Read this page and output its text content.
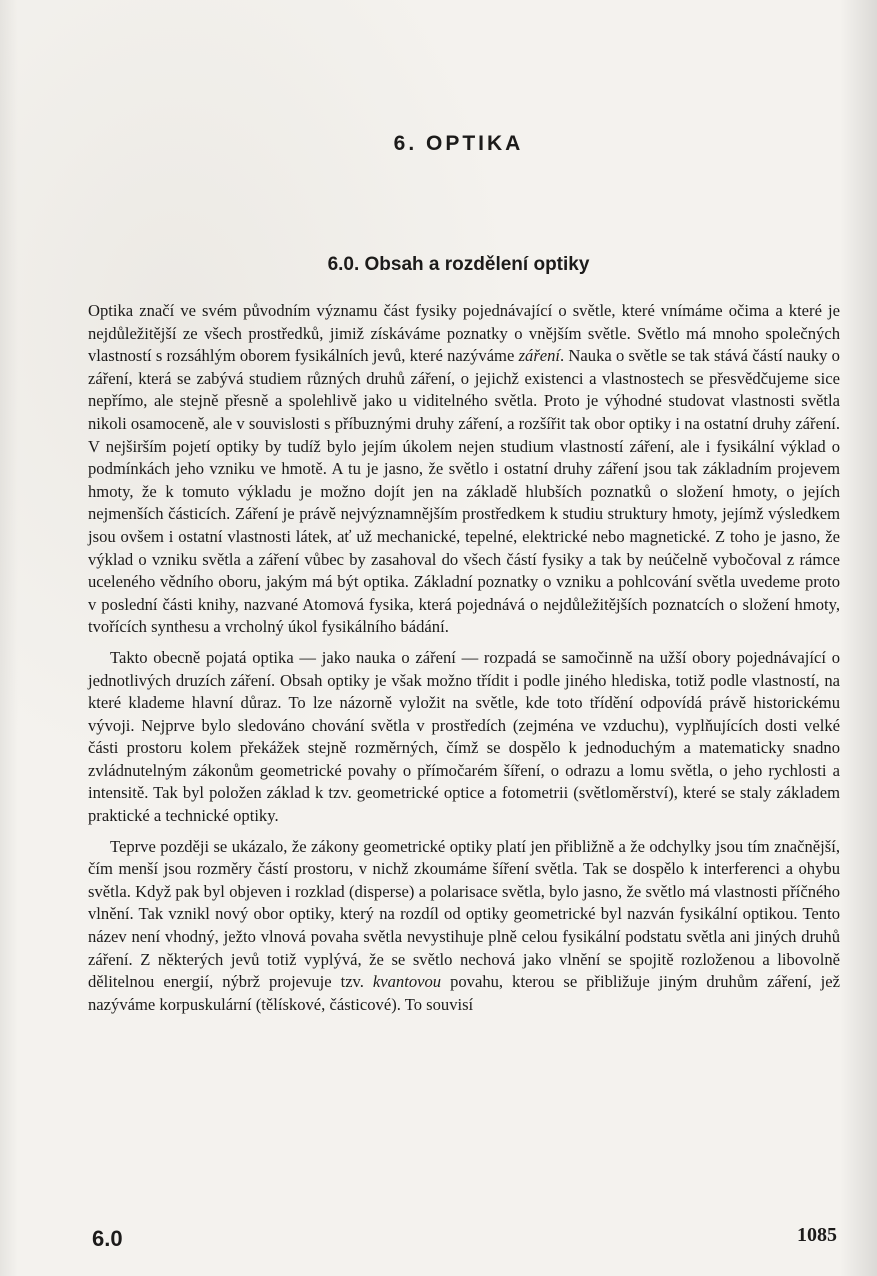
6. OPTIKA
6.0. Obsah a rozdělení optiky

Optika značí ve svém původním významu část fysiky pojednávající o světle, které vnímáme očima a které je nejdůležitější ze všech prostředků, jimiž získáváme poznatky o vnějším světle. Světlo má mnoho společných vlastností s rozsáhlým oborem fysikálních jevů, které nazýváme záření. Nauka o světle se tak stává částí nauky o záření, která se zabývá studiem různých druhů záření, o jejichž existenci a vlastnostech se přesvědčujeme sice nepřímo, ale stejně přesně a spolehlivě jako u viditelného světla. Proto je výhodné studovat vlastnosti světla nikoli osamoceně, ale v souvislosti s příbuznými druhy záření, a rozšířit tak obor optiky i na ostatní druhy záření. V nejširším pojetí optiky by tudíž bylo jejím úkolem nejen studium vlastností záření, ale i fysikální výklad o podmínkách jeho vzniku ve hmotě. A tu je jasno, že světlo i ostatní druhy záření jsou tak základním projevem hmoty, že k tomuto výkladu je možno dojít jen na základě hlubších poznatků o složení hmoty, o jejích nejmenších částicích. Záření je právě nejvýznamnějším prostředkem k studiu struktury hmoty, jejímž výsledkem jsou ovšem i ostatní vlastnosti látek, ať už mechanické, tepelné, elektrické nebo magnetické. Z toho je jasno, že výklad o vzniku světla a záření vůbec by zasahoval do všech částí fysiky a tak by neúčelně vybočoval z rámce uceleného vědního oboru, jakým má být optika. Základní poznatky o vzniku a pohlcování světla uvedeme proto v poslední části knihy, nazvané Atomová fysika, která pojednává o nejdůležitějších poznatcích o složení hmoty, tvořících synthesu a vrcholný úkol fysikálního bádání.

Takto obecně pojatá optika — jako nauka o záření — rozpadá se samočinně na užší obory pojednávající o jednotlivých druzích záření. Obsah optiky je však možno třídit i podle jiného hlediska, totiž podle vlastností, na které klademe hlavní důraz. To lze názorně vyložit na světle, kde toto třídění odpovídá právě historickému vývoji. Nejprve bylo sledováno chování světla v prostředích (zejména ve vzduchu), vyplňujících dosti velké části prostoru kolem překážek stejně rozměrných, čímž se dospělo k jednoduchým a matematicky snadno zvládnutelným zákonům geometrické povahy o přímočarém šíření, o odrazu a lomu světla, o jeho rychlosti a intensitě. Tak byl položen základ k tzv. geometrické optice a fotometrii (světloměrství), které se staly základem praktické a technické optiky.

Teprve později se ukázalo, že zákony geometrické optiky platí jen přibližně a že odchylky jsou tím značnější, čím menší jsou rozměry částí prostoru, v nichž zkoumáme šíření světla. Tak se dospělo k interferenci a ohybu světla. Když pak byl objeven i rozklad (disperse) a polarisace světla, bylo jasno, že světlo má vlastnosti příčného vlnění. Tak vznikl nový obor optiky, který na rozdíl od optiky geometrické byl nazván fysikální optikou. Tento název není vhodný, ježto vlnová povaha světla nevystihuje plně celou fysikální podstatu světla ani jiných druhů záření. Z některých jevů totiž vyplývá, že se světlo nechová jako vlnění se spojitě rozloženou a libovolně dělitelnou energií, nýbrž projevuje tzv. kvantovou povahu, kterou se přibližuje jiným druhům záření, jež nazýváme korpuskulární (tělískové, částicové). To souvisí

6.0	1085
